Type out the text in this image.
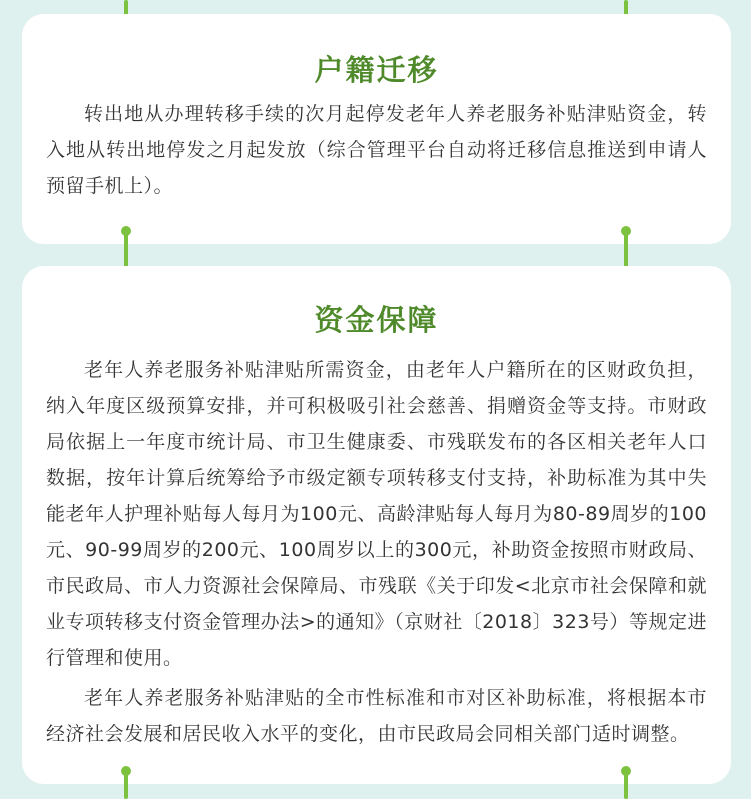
户籍迁移

转出地从办理转移手续的次月起停发老年人养老服务补贴津贴资金，转入地从转出地停发之月起发放（综合管理平台自动将迁移信息推送到申请人预留手机上）。

资金保障

老年人养老服务补贴津贴所需资金，由老年人户籍所在的区财政负担，纳入年度区级预算安排，并可积极吸引社会慈善、捐赠资金等支持。市财政局依据上一年度市统计局、市卫生健康委、市残联发布的各区相关老年人口数据，按年计算后统筹给予市级定额专项转移支付支持，补助标准为其中失能老年人护理补贴每人每月为100元、高龄津贴每人每月为80-89周岁的100元、90-99周岁的200元、100周岁以上的300元，补助资金按照市财政局、市民政局、市人力资源社会保障局、市残联《关于印发<北京市社会保障和就业专项转移支付资金管理办法>的通知》（京财社〔2018〕323号）等规定进行管理和使用。

老年人养老服务补贴津贴的全市性标准和市对区补助标准，将根据本市经济社会发展和居民收入水平的变化，由市民政局会同相关部门适时调整。
